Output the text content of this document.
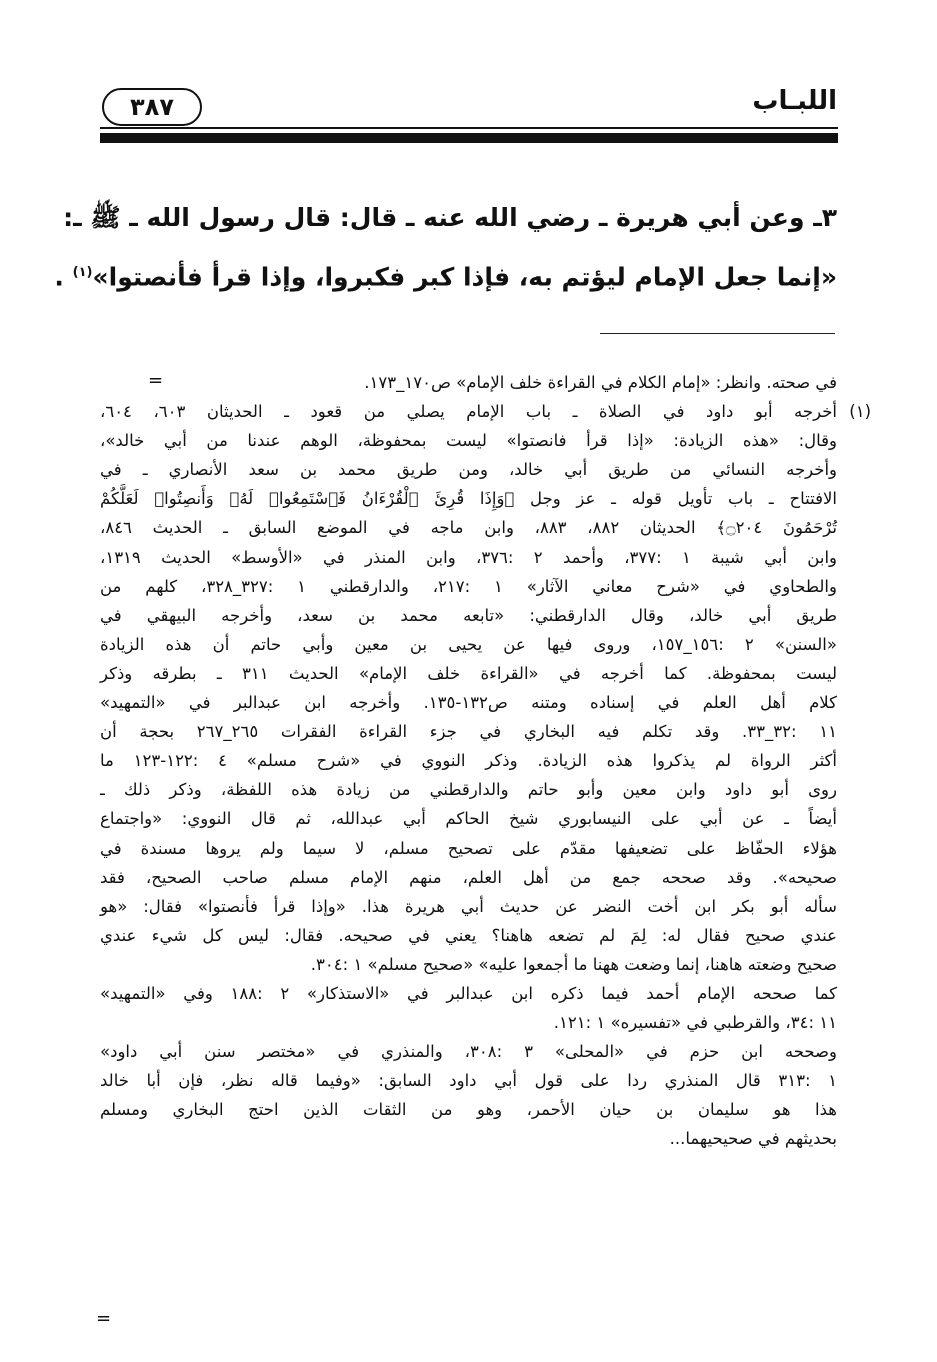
اللبـاب
٣٨٧
٣ـ وعن أبي هريرة ـ رضي الله عنه ـ قال: قال رسول الله ـ ﷺ ـ:
«إنما جعل الإمام ليؤتم به، فإذا كبر فكبروا، وإذا قرأ فأنصتوا»$^{(١)}$ .
=	في صحته. وانظر: «إمام الكلام في القراءة خلف الإمام» ص١٧٠_١٧٣.
(١)
أخرجه أبو داود في الصلاة ـ باب الإمام يصلي من قعود ـ الحديثان ٦٠٣، ٦٠٤،
وقال: «هذه الزيادة: «إذا قرأ فانصتوا» ليست بمحفوظة، الوهم عندنا من أبي خالد»،
وأخرجه النسائي من طريق أبي خالد، ومن طريق محمد بن سعد الأنصاري ـ في
الافتتاح ـ باب تأويل قوله ـ عز وجل ﴿وَإِذَا قُرِئَ ٱلْقُرْءَانُ فَٱسْتَمِعُوا۟ لَهُۥ وَأَنصِتُوا۟ لَعَلَّكُمْ
تُرْحَمُونَ ۝٢٠٤﴾ الحديثان ٨٨٢، ٨٨٣، وابن ماجه في الموضع السابق ـ الحديث ٨٤٦،
وابن أبي شيبة ١ :٣٧٧، وأحمد ٢ :٣٧٦، وابن المنذر في «الأوسط» الحديث ١٣١٩،
والطحاوي في «شرح معاني الآثار» ١ :٢١٧، والدارقطني ١ :٣٢٧_٣٢٨، كلهم من
طريق أبي خالد، وقال الدارقطني: «تابعه محمد بن سعد، وأخرجه البيهقي في
«السنن» ٢ :١٥٦_١٥٧، وروى فيها عن يحيى بن معين وأبي حاتم أن هذه الزيادة
ليست بمحفوظة. كما أخرجه في «القراءة خلف الإمام» الحديث ٣١١ ـ بطرقه وذكر
كلام أهل العلم في إسناده ومتنه ص١٣٢-١٣٥. وأخرجه ابن عبدالبر في «التمهيد»
١١ :٣٢_٣٣. وقد تكلم فيه البخاري في جزء القراءة الفقرات ٢٦٥_٢٦٧ بحجة أن
أكثر الرواة لم يذكروا هذه الزيادة. وذكر النووي في «شرح مسلم» ٤ :١٢٢-١٢٣ ما
روى أبو داود وابن معين وأبو حاتم والدارقطني من زيادة هذه اللفظة، وذكر ذلك ـ
أيضاً ـ عن أبي على النيسابوري شيخ الحاكم أبي عبدالله، ثم قال النووي: «واجتماع
هؤلاء الحفّاظ على تضعيفها مقدّم على تصحيح مسلم، لا سيما ولم يروها مسندة في
صحيحه». وقد صححه جمع من أهل العلم، منهم الإمام مسلم صاحب الصحيح، فقد
سأله أبو بكر ابن أخت النضر عن حديث أبي هريرة هذا. «وإذا قرأ فأنصتوا» فقال: «هو
عندي صحيح فقال له: لِمَ لم تضعه هاهنا؟ يعني في صحيحه. فقال: ليس كل شيء عندي
صحيح وضعته هاهنا، إنما وضعت ههنا ما أجمعوا عليه» «صحيح مسلم» ١ :٣٠٤.
كما صححه الإمام أحمد فيما ذكره ابن عبدالبر في «الاستذكار» ٢ :١٨٨ وفي «التمهيد»
١١ :٣٤، والقرطبي في «تفسيره» ١ :١٢١.
وصححه ابن حزم في «المحلى» ٣ :٣٠٨، والمنذري في «مختصر سنن أبي داود»
١ :٣١٣ قال المنذري ردا على قول أبي داود السابق: «وفيما قاله نظر، فإن أبا خالد
هذا هو سليمان بن حيان الأحمر، وهو من الثقات الذين احتج البخاري ومسلم
بحديثهم في صحيحيهما...
=
